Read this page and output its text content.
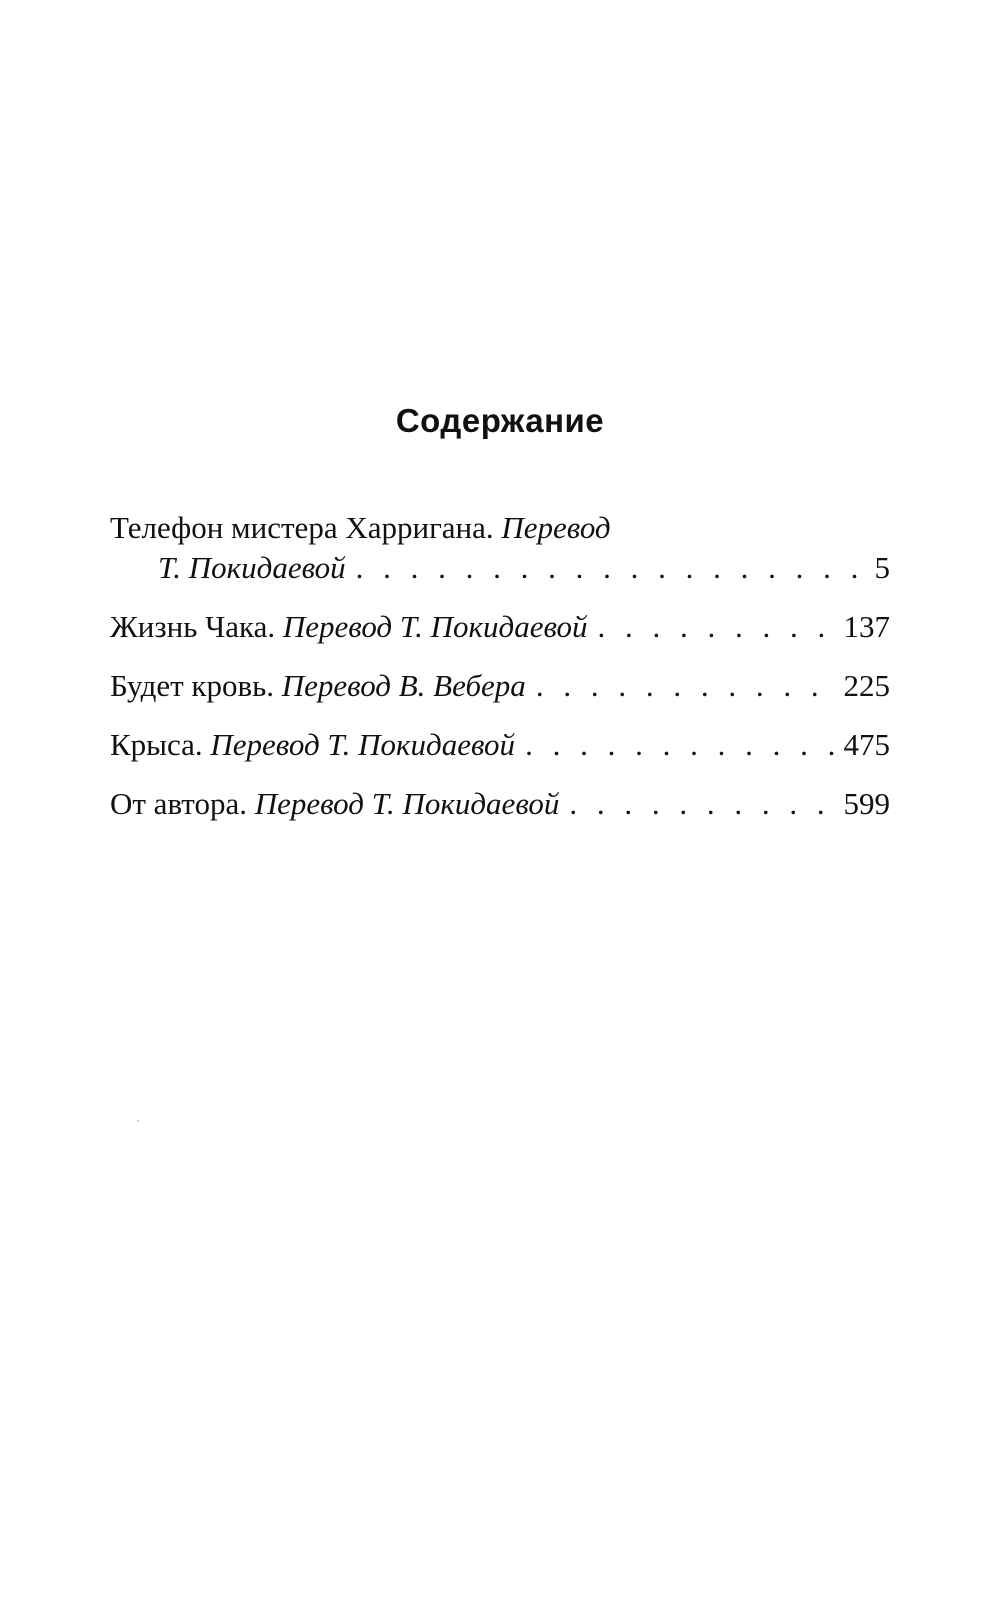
Содержание
Телефон мистера Харригана.
Перевод
Т. Покидаевой . . .	5
Жизнь Чака.
Перевод Т. Покидаевой . . .	137
Будет кровь.
Перевод В. Вебера . . .	225
Крыса.
Перевод Т. Покидаевой . . .	475
От автора.
Перевод Т. Покидаевой . . .	599
